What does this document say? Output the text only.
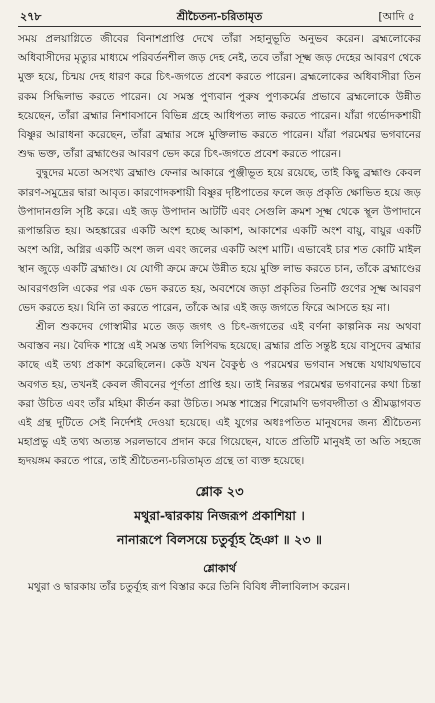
২৭৮	শ্রীচৈতন্য-চরিতামৃত	[আদি ৫

সময় প্রলয়াগ্নিতে জীবের বিনাশপ্রাপ্তি দেখে তাঁরা সহানুভূতি অনুভব করেন। ব্রহ্মলোকের অধিবাসীদের মৃত্যুর মাধ্যমে পরিবর্তনশীল জড় দেহ নেই, তবে তাঁরা সূক্ষ্ম জড় দেহের আবরণ থেকে মুক্ত হয়ে, চিন্ময় দেহ ধারণ করে চিৎ-জগতে প্রবেশ করতে পারেন। ব্রহ্মলোকের অধিবাসীরা তিন রকম সিদ্ধিলাভ করতে পারেন। যে সমস্ত পুণ্যবান পুরুষ পুণ্যকর্মের প্রভাবে ব্রহ্মলোকে উন্নীত হয়েছেন, তাঁরা ব্রহ্মার নিশাবসানে বিভিন্ন গ্রহে আধিপত্য লাভ করতে পারেন। যাঁরা গর্ভোদকশায়ী বিষ্ণুর আরাধনা করেছেন, তাঁরা ব্রহ্মার সঙ্গে মুক্তিলাভ করতে পারেন। যাঁরা পরমেশ্বর ভগবানের শুদ্ধ ভক্ত, তাঁরা ব্রহ্মাণ্ডের আবরণ ভেদ করে চিৎ-জগতে প্রবেশ করতে পারেন।

বুদ্বুদের মতো অসংখ্য ব্রহ্মাণ্ড ফেনার আকারে পুঞ্জীভূত হয়ে রয়েছে, তাই কিছু ব্রহ্মাণ্ড কেবল কারণ-সমুদ্রের দ্বারা আবৃত। কারণোদকশায়ী বিষ্ণুর দৃষ্টিপাতের ফলে জড় প্রকৃতি ক্ষোভিত হয়ে জড় উপাদানগুলি সৃষ্টি করে। এই জড় উপাদান আটটি এবং সেগুলি ক্রমশ সূক্ষ্ম থেকে স্থূল উপাদানে রূপান্তরিত হয়। অহঙ্কারের একটি অংশ হচ্ছে আকাশ, আকাশের একটি অংশ বায়ু, বায়ুর একটি অংশ অগ্নি, অগ্নির একটি অংশ জল এবং জলের একটি অংশ মাটি। এভাবেই চার শত কোটি মাইল স্থান জুড়ে একটি ব্রহ্মাণ্ড। যে যোগী ক্রমে ক্রমে উন্নীত হয়ে মুক্তি লাভ করতে চান, তাঁকে ব্রহ্মাণ্ডের আবরণগুলি একের পর এক ভেদ করতে হয়, অবশেষে জড়া প্রকৃতির তিনটি গুণের সূক্ষ্ম আবরণ ভেদ করতে হয়। যিনি তা করতে পারেন, তাঁকে আর এই জড় জগতে ফিরে আসতে হয় না।

শ্রীল শুকদেব গোস্বামীর মতে জড় জগৎ ও চিৎ-জগতের এই বর্ণনা কাল্পনিক নয় অথবা অবাস্তব নয়। বৈদিক শাস্ত্রে এই সমস্ত তথ্য লিপিবদ্ধ হয়েছে। ব্রহ্মার প্রতি সন্তুষ্ট হয়ে বাসুদেব ব্রহ্মার কাছে এই তথ্য প্রকাশ করেছিলেন। কেউ যখন বৈকুণ্ঠ ও পরমেশ্বর ভগবান সম্বন্ধে যথাযথভাবে অবগত হয়, তখনই কেবল জীবনের পূর্ণতা প্রাপ্তি হয়। তাই নিরন্তর পরমেশ্বর ভগবানের কথা চিন্তা করা উচিত এবং তাঁর মহিমা কীর্তন করা উচিত। সমস্ত শাস্ত্রের শিরোমণি ভগবদ্গীতা ও শ্রীমদ্ভাগবত এই গ্রন্থ দুটিতে সেই নির্দেশই দেওয়া হয়েছে। এই যুগের অধঃপতিত মানুষদের জন্য শ্রীচৈতন্য মহাপ্রভু এই তথ্য অত্যন্ত সরলভাবে প্রদান করে গিয়েছেন, যাতে প্রতিটি মানুষই তা অতি সহজে হৃদয়ঙ্গম করতে পারে, তাই শ্রীচৈতন্য-চরিতামৃত গ্রন্থে তা ব্যক্ত হয়েছে।

শ্লোক ২৩
মথুরা-দ্বারকায় নিজরূপ প্রকাশিয়া ।
নানারূপে বিলসয়ে চতুর্ব্যূহ হৈঞা ॥ ২৩ ॥
শ্লোকার্থ

মথুরা ও দ্বারকায় তাঁর চতুর্ব্যূহ রূপ বিস্তার করে তিনি বিবিধ লীলাবিলাস করেন।
